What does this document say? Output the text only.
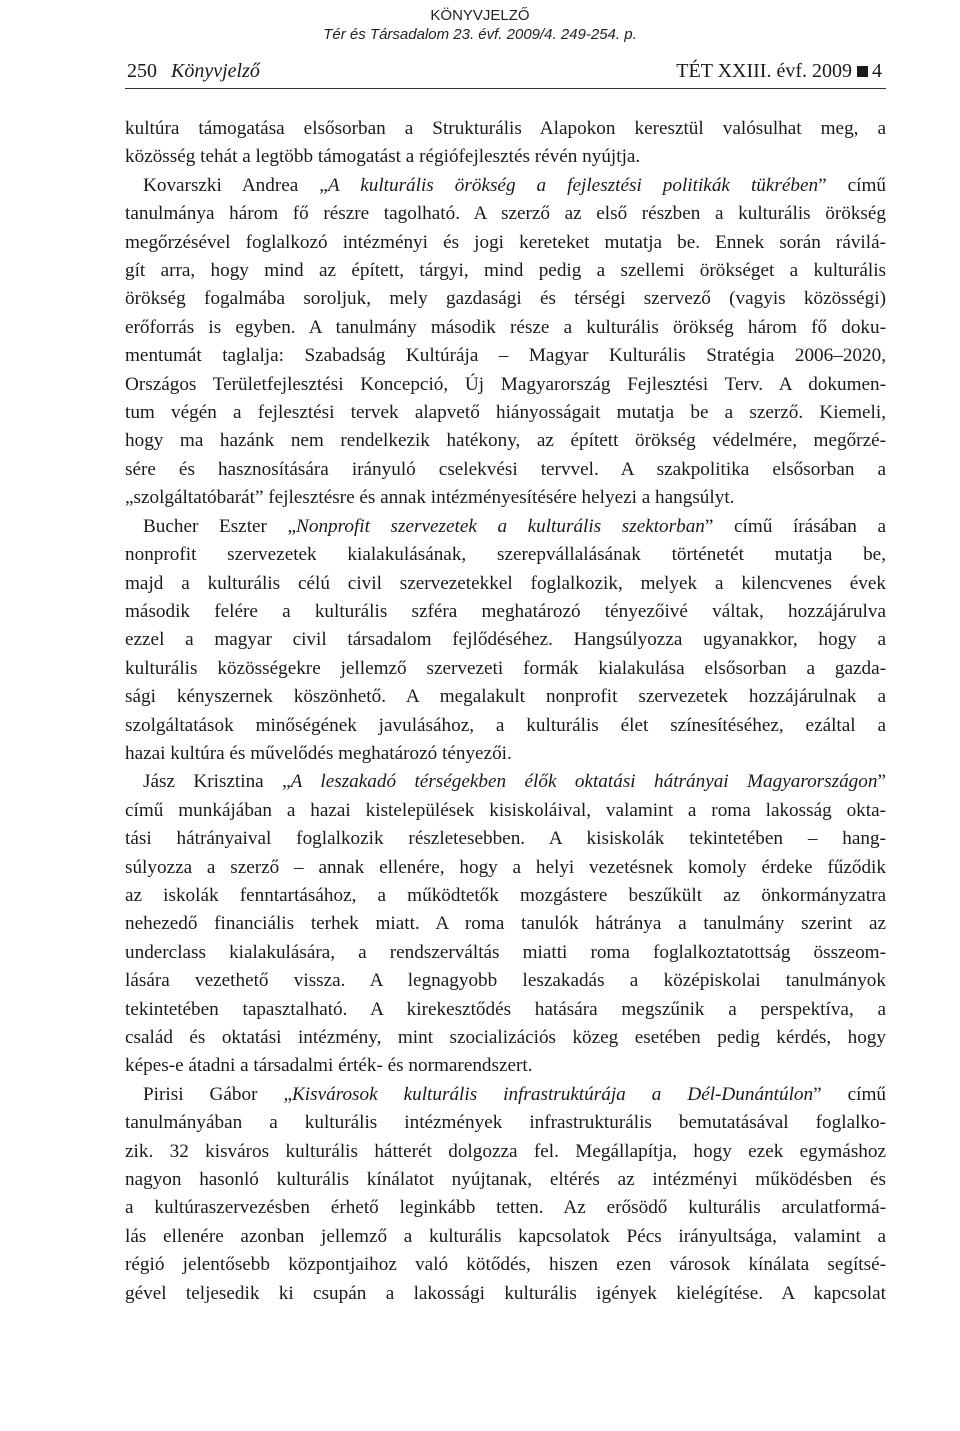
KÖNYVJELZŐ
Tér és Társadalom 23. évf. 2009/4. 249-254. p.
250 Könyvjelző	TÉT XXIII. évf. 2009 4
kultúra támogatása elsősorban a Strukturális Alapokon keresztül valósulhat meg, a
közösség tehát a legtöbb támogatást a régiófejlesztés révén nyújtja.
Kovarszki Andrea „A kulturális örökség a fejlesztési politikák tükrében” című
tanulmánya három fő részre tagolható. A szerző az első részben a kulturális örökség
megőrzésével foglalkozó intézményi és jogi kereteket mutatja be. Ennek során rávilá-
gít arra, hogy mind az épített, tárgyi, mind pedig a szellemi örökséget a kulturális
örökség fogalmába soroljuk, mely gazdasági és térségi szervező (vagyis közösségi)
erőforrás is egyben. A tanulmány második része a kulturális örökség három fő doku-
mentumát taglalja: Szabadság Kultúrája – Magyar Kulturális Stratégia 2006–2020,
Országos Területfejlesztési Koncepció, Új Magyarország Fejlesztési Terv. A dokumen-
tum végén a fejlesztési tervek alapvető hiányosságait mutatja be a szerző. Kiemeli,
hogy ma hazánk nem rendelkezik hatékony, az épített örökség védelmére, megőrzé-
sére és hasznosítására irányuló cselekvési tervvel. A szakpolitika elsősorban a
„szolgáltatóbarát” fejlesztésre és annak intézményesítésére helyezi a hangsúlyt.
Bucher Eszter „Nonprofit szervezetek a kulturális szektorban” című írásában a
nonprofit szervezetek kialakulásának, szerepvállalásának történetét mutatja be,
majd a kulturális célú civil szervezetekkel foglalkozik, melyek a kilencvenes évek
második felére a kulturális szféra meghatározó tényezőivé váltak, hozzájárulva
ezzel a magyar civil társadalom fejlődéséhez. Hangsúlyozza ugyanakkor, hogy a
kulturális közösségekre jellemző szervezeti formák kialakulása elsősorban a gazda-
sági kényszernek köszönhető. A megalakult nonprofit szervezetek hozzájárulnak a
szolgáltatások minőségének javulásához, a kulturális élet színesítéséhez, ezáltal a
hazai kultúra és művelődés meghatározó tényezői.
Jász Krisztina „A leszakadó térségekben élők oktatási hátrányai Magyarországon”
című munkájában a hazai kistelepülések kisiskoláival, valamint a roma lakosság okta-
tási hátrányaival foglalkozik részletesebben. A kisiskolák tekintetében – hang-
súlyozza a szerző – annak ellenére, hogy a helyi vezetésnek komoly érdeke fűződik
az iskolák fenntartásához, a működtetők mozgástere beszűkült az önkormányzatra
nehezedő financiális terhek miatt. A roma tanulók hátránya a tanulmány szerint az
underclass kialakulására, a rendszerváltás miatti roma foglalkoztatottság összeom-
lására vezethető vissza. A legnagyobb leszakadás a középiskolai tanulmányok
tekintetében tapasztalható. A kirekesztődés hatására megszűnik a perspektíva, a
család és oktatási intézmény, mint szocializációs közeg esetében pedig kérdés, hogy
képes-e átadni a társadalmi érték- és normarendszert.
Pirisi Gábor „Kisvárosok kulturális infrastruktúrája a Dél-Dunántúlon” című
tanulmányában a kulturális intézmények infrastrukturális bemutatásával foglalko-
zik. 32 kisváros kulturális hátterét dolgozza fel. Megállapítja, hogy ezek egymáshoz
nagyon hasonló kulturális kínálatot nyújtanak, eltérés az intézményi működésben és
a kultúraszervezésben érhető leginkább tetten. Az erősödő kulturális arculatformá-
lás ellenére azonban jellemző a kulturális kapcsolatok Pécs irányultsága, valamint a
régió jelentősebb központjaihoz való kötődés, hiszen ezen városok kínálata segítsé-
gével teljesedik ki csupán a lakossági kulturális igények kielégítése. A kapcsolat
